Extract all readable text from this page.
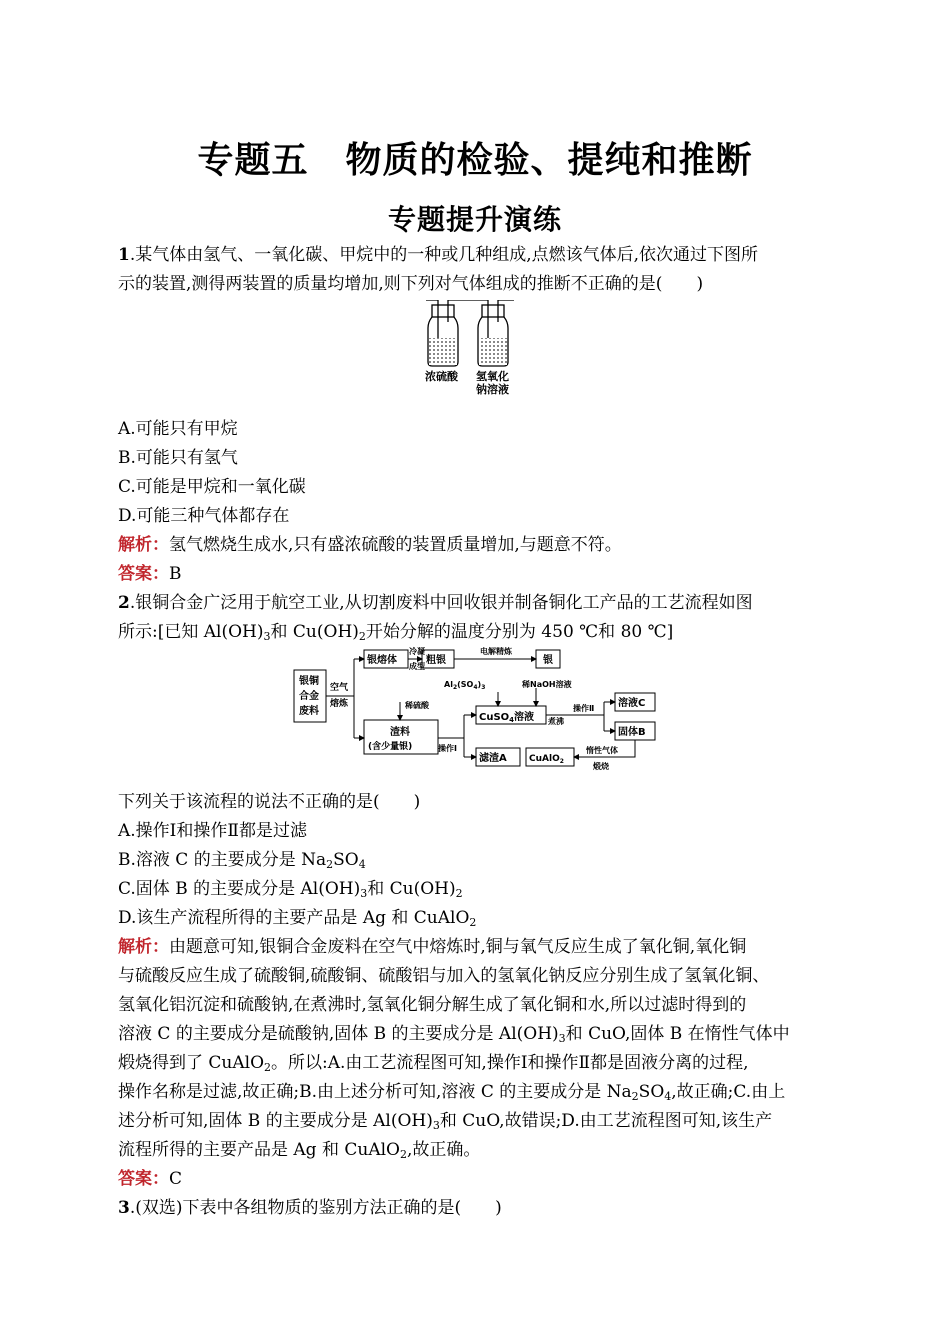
专题五　物质的检验、提纯和推断
专题提升演练
1.某气体由氢气、一氧化碳、甲烷中的一种或几种组成,点燃该气体后,依次通过下图所
示的装置,测得两装置的质量均增加,则下列对气体组成的推断不正确的是(　　)
浓硫酸 氢氧化
钠溶液
A.可能只有甲烷
B.可能只有氢气
C.可能是甲烷和一氧化碳
D.可能三种气体都存在
解析：氢气燃烧生成水,只有盛浓硫酸的装置质量增加,与题意不符。
答案：B
2.银铜合金广泛用于航空工业,从切割废料中回收银并制备铜化工产品的工艺流程如图
所示:[已知 $Al(OH)_3$和 $Cu(OH)_2$开始分解的温度分别为 450 ℃和 80 ℃]
银铜
合金
废料
空气
熔炼
银熔体
冷凝
成型
粗银
电解精炼
银
稀硫酸
渣料
(含少量银)
$Al_2(SO_4)_3$	稀NaOH溶液
CuSO$_4$溶液
操作Ⅰ
滤渣A
煮沸
操作Ⅱ 溶液C
固体B
CuAlO$_2$
惰性气体
煅烧
下列关于该流程的说法不正确的是(　　)
A.操作Ⅰ和操作Ⅱ都是过滤
B.溶液 C 的主要成分是 $Na_2SO_4$
C.固体 B 的主要成分是 $Al(OH)_3$和 $Cu(OH)_2$
D.该生产流程所得的主要产品是 Ag 和 CuAlO$_2$
解析：由题意可知,银铜合金废料在空气中熔炼时,铜与氧气反应生成了氧化铜,氧化铜
与硫酸反应生成了硫酸铜,硫酸铜、硫酸铝与加入的氢氧化钠反应分别生成了氢氧化铜、
氢氧化铝沉淀和硫酸钠,在煮沸时,氢氧化铜分解生成了氧化铜和水,所以过滤时得到的
溶液 C 的主要成分是硫酸钠,固体 B 的主要成分是 $Al(OH)_3$和 CuO,固体 B 在惰性气体中
煅烧得到了 CuAlO$_2$。所以:A.由工艺流程图可知,操作Ⅰ和操作Ⅱ都是固液分离的过程,
操作名称是过滤,故正确;B.由上述分析可知,溶液 C 的主要成分是 $Na_2SO_4$,故正确;C.由上
述分析可知,固体 B 的主要成分是 $Al(OH)_3$和 CuO,故错误;D.由工艺流程图可知,该生产
流程所得的主要产品是 Ag 和 CuAlO$_2$,故正确。
答案：C
3.(双选)下表中各组物质的鉴别方法正确的是(　　)
